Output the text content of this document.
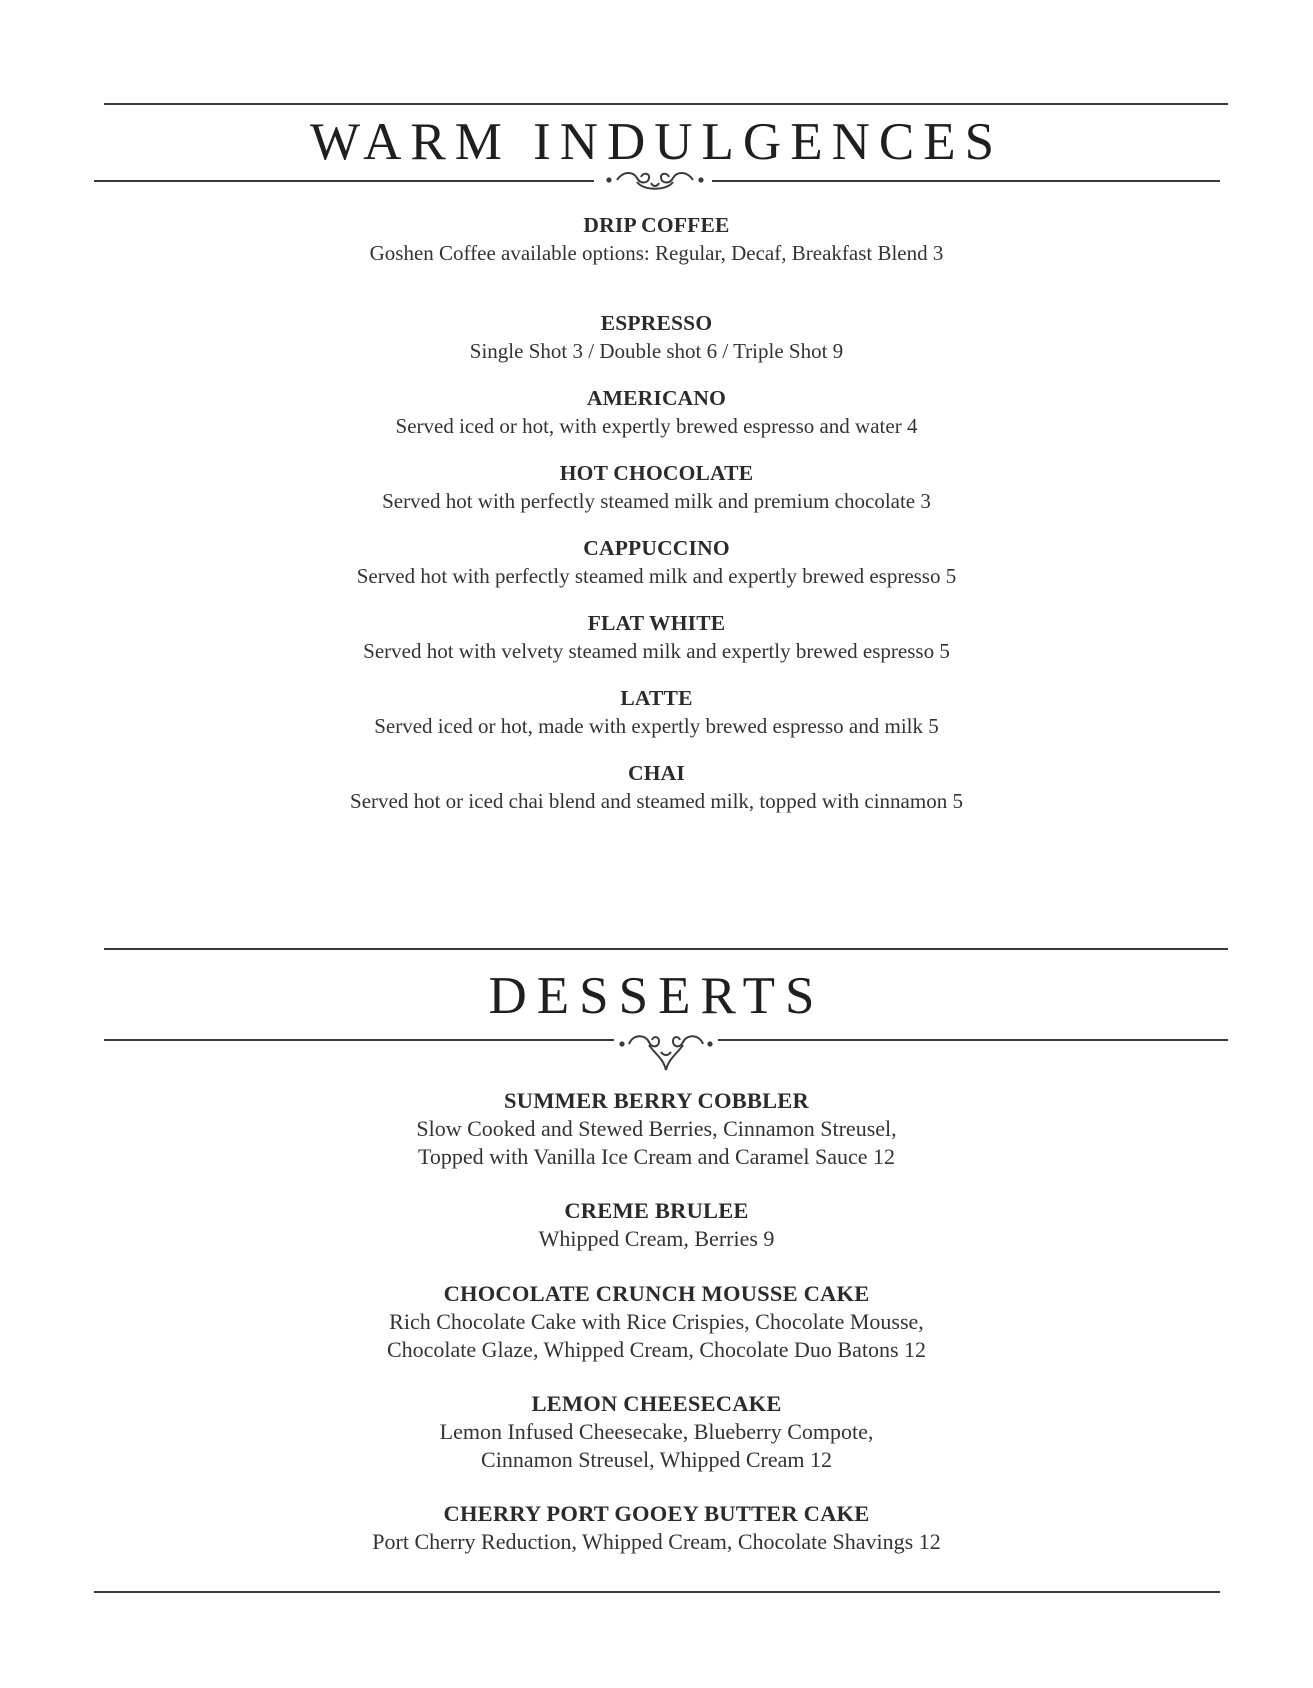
WARM INDULGENCES
DRIP COFFEE
Goshen Coffee available options: Regular, Decaf, Breakfast Blend 3
ESPRESSO
Single Shot 3 / Double shot 6 / Triple Shot 9
AMERICANO
Served iced or hot, with expertly brewed espresso and water 4
HOT CHOCOLATE
Served hot with perfectly steamed milk and premium chocolate 3
CAPPUCCINO
Served hot with perfectly steamed milk and expertly brewed espresso 5
FLAT WHITE
Served hot with velvety steamed milk and expertly brewed espresso 5
LATTE
Served iced or hot, made with expertly brewed espresso and milk 5
CHAI
Served hot or iced chai blend and steamed milk, topped with cinnamon 5
DESSERTS
SUMMER BERRY COBBLER
Slow Cooked and Stewed Berries, Cinnamon Streusel,
Topped with Vanilla Ice Cream and Caramel Sauce 12
CREME BRULEE
Whipped Cream, Berries 9
CHOCOLATE CRUNCH MOUSSE CAKE
Rich Chocolate Cake with Rice Crispies, Chocolate Mousse,
Chocolate Glaze, Whipped Cream, Chocolate Duo Batons 12
LEMON CHEESECAKE
Lemon Infused Cheesecake, Blueberry Compote,
Cinnamon Streusel, Whipped Cream 12
CHERRY PORT GOOEY BUTTER CAKE
Port Cherry Reduction, Whipped Cream, Chocolate Shavings 12
